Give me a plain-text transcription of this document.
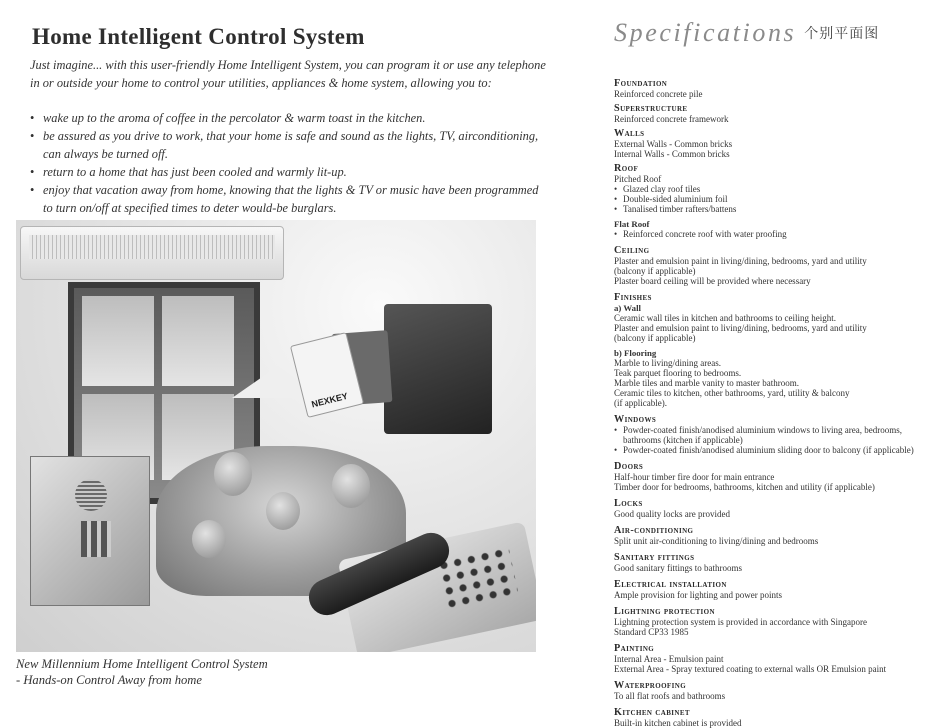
Home Intelligent Control System

Just imagine... with this user-friendly Home Intelligent System, you can program it or use any telephone in or outside your home to control your utilities, appliances & home system, allowing you to:

• wake up to the aroma of coffee in the percolator & warm toast in the kitchen.
• be assured as you drive to work, that your home is safe and sound as the lights, TV, airconditioning, can always be turned off.
• return to a home that has just been cooled and warmly lit-up.
• enjoy that vacation away from home, knowing that the lights & TV or music have been programmed to turn on/off at specified times to deter would-be burglars.
NEXKEY

New Millennium Home Intelligent Control System
- Hands-on Control Away from home

Specifications 个别平面图

Foundation

Reinforced concrete pile

Superstructure

Reinforced concrete framework

Walls

External Walls - Common bricks

Internal Walls - Common bricks

Roof

Pitched Roof

• Glazed clay roof tiles

• Double-sided aluminium foil

• Tanalised timber rafters/battens

Flat Roof

• Reinforced concrete roof with water proofing

Ceiling

Plaster and emulsion paint in living/dining, bedrooms, yard and utility

(balcony if applicable)

Plaster board ceiling will be provided where necessary

Finishes

a) Wall

Ceramic wall tiles in kitchen and bathrooms to ceiling height.

Plaster and emulsion paint to living/dining, bedrooms, yard and utility

(balcony if applicable)

b) Flooring

Marble to living/dining areas.

Teak parquet flooring to bedrooms.

Marble tiles and marble vanity to master bathroom.

Ceramic tiles to kitchen, other bathrooms, yard, utility & balcony

(if applicable).

Windows

• Powder-coated finish/anodised aluminium windows to living area, bedrooms, bathrooms (kitchen if applicable)

• Powder-coated finish/anodised aluminium sliding door to balcony (if applicable)

Doors

Half-hour timber fire door for main entrance

Timber door for bedrooms, bathrooms, kitchen and utility (if applicable)

Locks

Good quality locks are provided

Air-conditioning

Split unit air-conditioning to living/dining and bedrooms

Sanitary fittings

Good sanitary fittings to bathrooms

Electrical installation

Ample provision for lighting and power points

Lightning protection

Lightning protection system is provided in accordance with Singapore

Standard CP33 1985

Painting

Internal Area - Emulsion paint

External Area - Spray textured coating to external walls OR Emulsion paint

Waterproofing

To all flat roofs and bathrooms

Kitchen cabinet

Built-in kitchen cabinet is provided
